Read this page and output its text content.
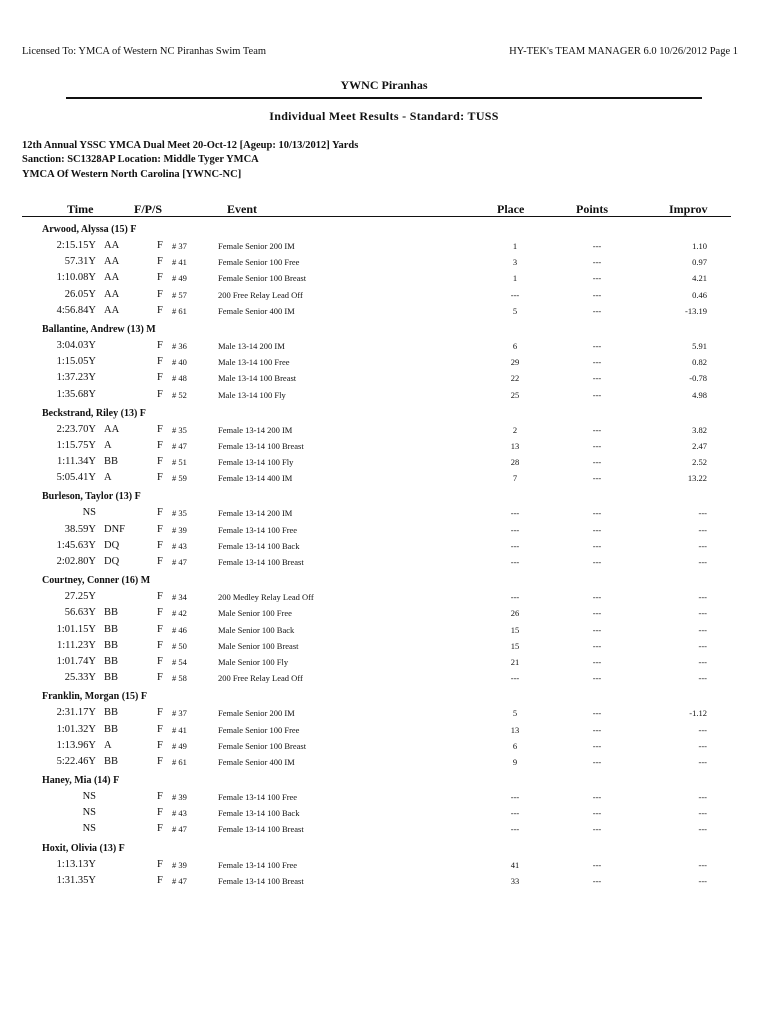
Licensed To: YMCA of Western NC Piranhas Swim Team	HY-TEK's TEAM MANAGER 6.0 10/26/2012 Page 1
YWNC Piranhas
Individual Meet Results - Standard: TUSS
12th Annual YSSC YMCA Dual Meet 20-Oct-12 [Ageup: 10/13/2012] Yards
Sanction: SC1328AP Location: Middle Tyger YMCA
YMCA Of Western North Carolina [YWNC-NC]
Time	F/P/S	Event	Place	Points	Improv
Arwood, Alyssa (15) F
2:15.15Y AA	F # 37	Female Senior 200 IM	1	---	1.10
57.31Y AA	F # 41	Female Senior 100 Free	3	---	0.97
1:10.08Y AA	F # 49	Female Senior 100 Breast	1	---	4.21
26.05Y AA	F # 57	200 Free Relay Lead Off	---	---	0.46
4:56.84Y AA	F # 61	Female Senior 400 IM	5	---	-13.19
Ballantine, Andrew (13) M
3:04.03Y	F # 36	Male 13-14 200 IM	6	---	5.91
1:15.05Y	F # 40	Male 13-14 100 Free	29	---	0.82
1:37.23Y	F # 48	Male 13-14 100 Breast	22	---	-0.78
1:35.68Y	F # 52	Male 13-14 100 Fly	25	---	4.98
Beckstrand, Riley (13) F
2:23.70Y AA	F # 35	Female 13-14 200 IM	2	---	3.82
1:15.75Y A	F # 47	Female 13-14 100 Breast	13	---	2.47
1:11.34Y BB	F # 51	Female 13-14 100 Fly	28	---	2.52
5:05.41Y A	F # 59	Female 13-14 400 IM	7	---	13.22
Burleson, Taylor (13) F
NS	F # 35	Female 13-14 200 IM	---	---	---
38.59Y DNF	F # 39	Female 13-14 100 Free	---	---	---
1:45.63Y DQ	F # 43	Female 13-14 100 Back	---	---	---
2:02.80Y DQ	F # 47	Female 13-14 100 Breast	---	---	---
Courtney, Conner (16) M
27.25Y	F # 34	200 Medley Relay Lead Off	---	---	---
56.63Y BB	F # 42	Male Senior 100 Free	26	---	---
1:01.15Y BB	F # 46	Male Senior 100 Back	15	---	---
1:11.23Y BB	F # 50	Male Senior 100 Breast	15	---	---
1:01.74Y BB	F # 54	Male Senior 100 Fly	21	---	---
25.33Y BB	F # 58	200 Free Relay Lead Off	---	---	---
Franklin, Morgan (15) F
2:31.17Y BB	F # 37	Female Senior 200 IM	5	---	-1.12
1:01.32Y BB	F # 41	Female Senior 100 Free	13	---	---
1:13.96Y A	F # 49	Female Senior 100 Breast	6	---	---
5:22.46Y BB	F # 61	Female Senior 400 IM	9	---	---
Haney, Mia (14) F
NS	F # 39	Female 13-14 100 Free	---	---	---
NS	F # 43	Female 13-14 100 Back	---	---	---
NS	F # 47	Female 13-14 100 Breast	---	---	---
Hoxit, Olivia (13) F
1:13.13Y	F # 39	Female 13-14 100 Free	41	---	---
1:31.35Y	F # 47	Female 13-14 100 Breast	33	---	---
